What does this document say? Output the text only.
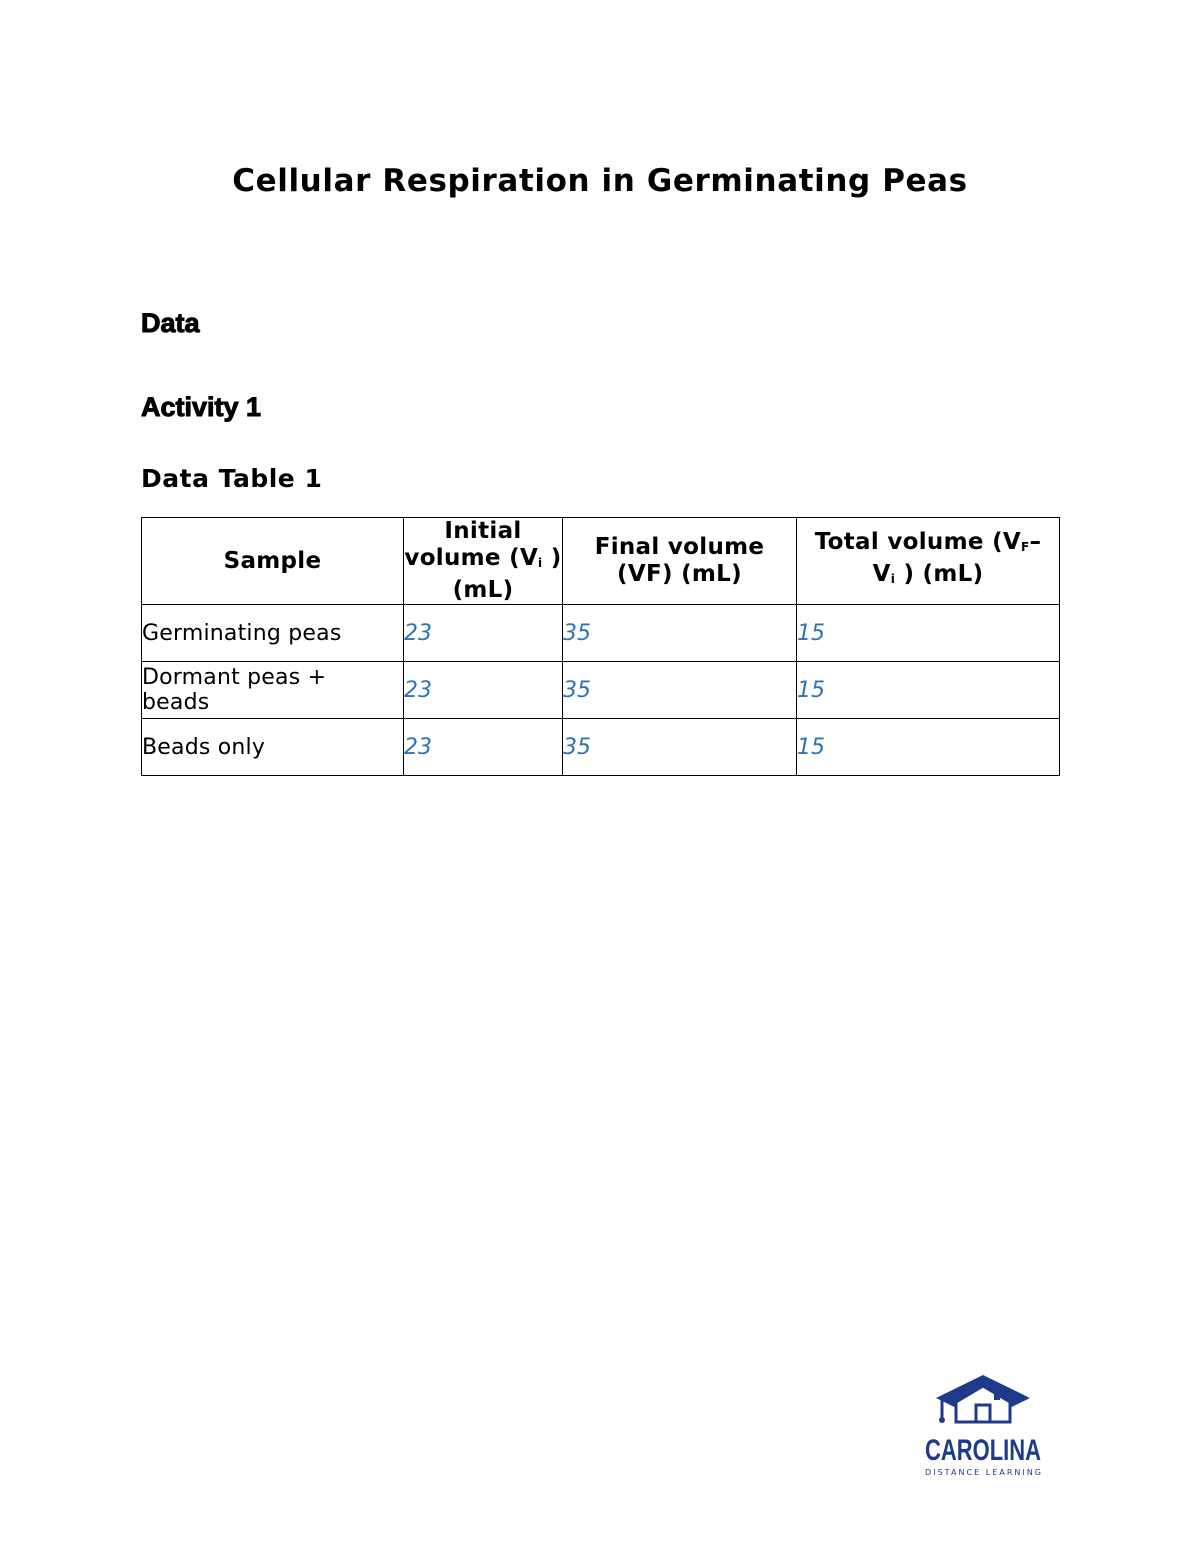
Cellular Respiration in Germinating Peas
Data
Activity 1
Data Table 1
Sample	Initial volume ($V_i$ ) (mL)	Final volume (VF) (mL)	Total volume ($V_F-$ $V_i$ ) (mL)
Germinating peas	23	35	15
Dormant peas + beads	23	35	15
Beads only	23	35	15
CAROLINA
DISTANCE LEARNING
